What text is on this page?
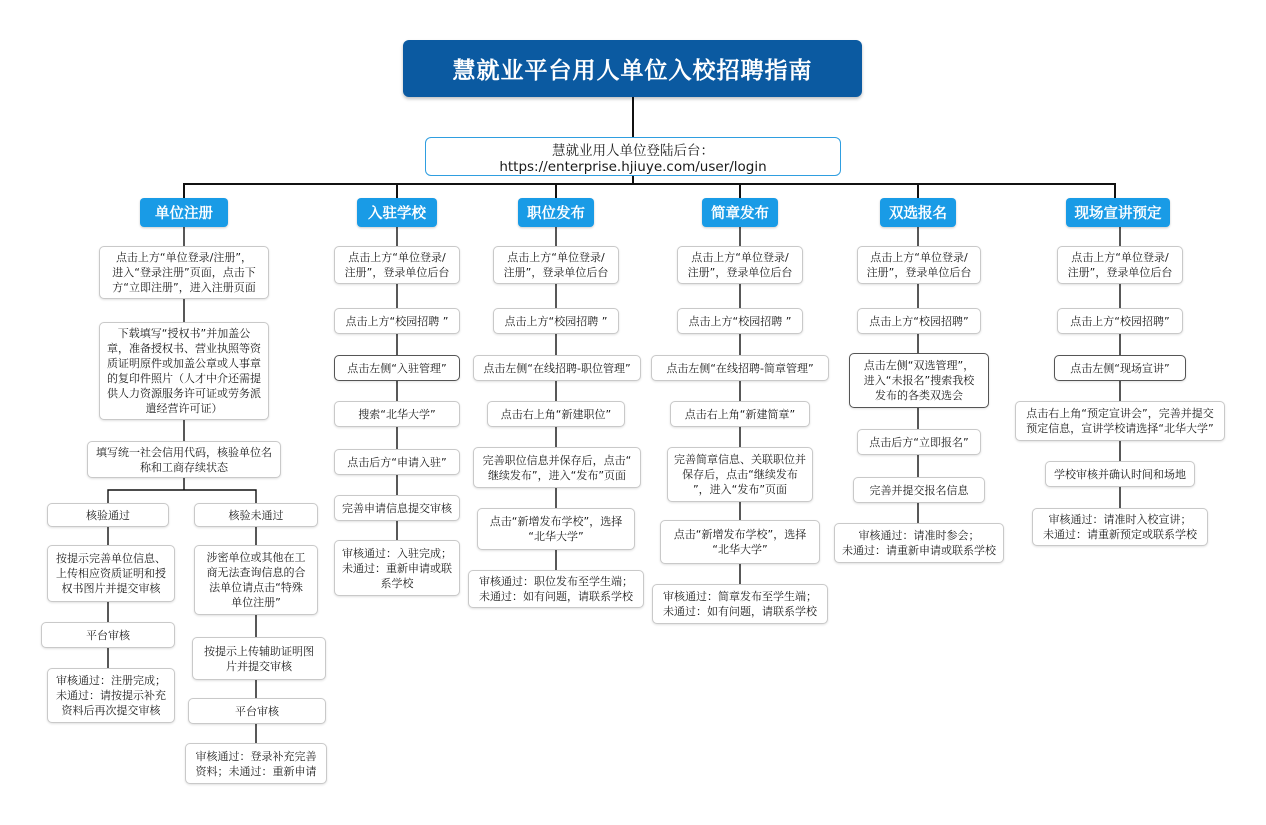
慧就业平台用人单位入校招聘指南
慧就业用人单位登陆后台：https://enterprise.hjiuye.com/user/login
单位注册
点击上方“单位登录/注册”，
进入“登录注册”页面，点击下
方“立即注册”，进入注册页面
下载填写“授权书”并加盖公
章，准备授权书、营业执照等资
质证明原件或加盖公章或人事章
的复印件照片（人才中介还需提
供人力资源服务许可证或劳务派
遣经营许可证）
填写统一社会信用代码，核验单位名
称和工商存续状态
核验通过
按提示完善单位信息、
上传相应资质证明和授
权书图片并提交审核
平台审核
审核通过：注册完成；
未通过：请按提示补充
资料后再次提交审核
核验未通过
涉密单位或其他在工
商无法查询信息的合
法单位请点击“特殊
单位注册”
按提示上传辅助证明图
片并提交审核
平台审核
审核通过：登录补充完善
资料；未通过：重新申请
入驻学校
点击上方“单位登录/
注册”，登录单位后台
点击上方“校园招聘 ”
点击左侧“入驻管理”
搜索“北华大学”
点击后方“申请入驻”
完善申请信息提交审核
审核通过：入驻完成；
未通过：重新申请或联
系学校
职位发布
点击上方“单位登录/
注册”，登录单位后台
点击上方“校园招聘 ”
点击左侧“在线招聘-职位管理”
点击右上角“新建职位”
完善职位信息并保存后，点击“
继续发布”，进入“发布”页面
点击“新增发布学校”，选择
“北华大学”
审核通过：职位发布至学生端；
未通过：如有问题，请联系学校
简章发布
点击上方“单位登录/
注册”，登录单位后台
点击上方“校园招聘 ”
点击左侧“在线招聘-简章管理”
点击右上角“新建简章”
完善简章信息、关联职位并
保存后，点击“继续发布
”，进入“发布”页面
点击“新增发布学校”，选择
“北华大学”
审核通过：简章发布至学生端；
未通过：如有问题，请联系学校
双选报名
点击上方“单位登录/
注册”，登录单位后台
点击上方“校园招聘”
点击左侧“双选管理”，
进入“未报名”搜索我校
发布的各类双选会
点击后方“立即报名”
完善并提交报名信息
审核通过：请准时参会；
未通过：请重新申请或联系学校
现场宣讲预定
点击上方“单位登录/
注册”，登录单位后台
点击上方“校园招聘”
点击左侧“现场宣讲”
点击右上角“预定宣讲会”，完善并提交
预定信息，宣讲学校请选择“北华大学”
学校审核并确认时间和场地
审核通过：请准时入校宣讲；
未通过：请重新预定或联系学校
